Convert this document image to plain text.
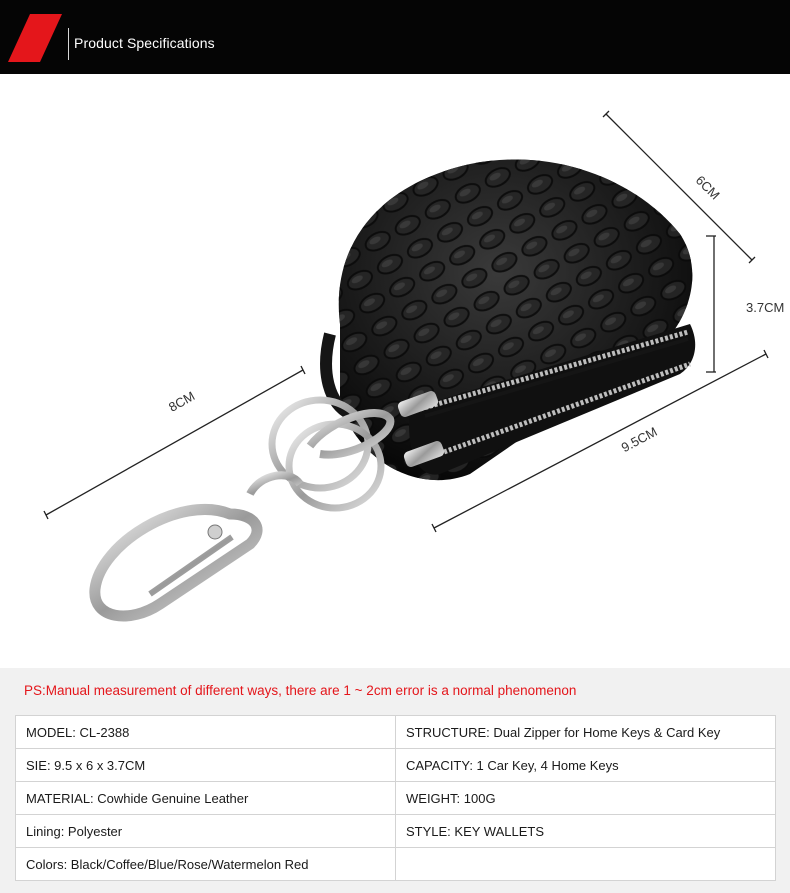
Product Specifications
6CM
3.7CM
9.5CM
8CM
PS:Manual measurement of different ways, there are 1 ~ 2cm error is a normal phenomenon
MODEL: CL-2388	STRUCTURE: Dual Zipper for Home Keys & Card Key
SIE: 9.5 x 6 x 3.7CM	CAPACITY: 1 Car Key, 4 Home Keys
MATERIAL: Cowhide Genuine Leather	WEIGHT: 100G
Lining: Polyester	STYLE: KEY WALLETS
Colors: Black/Coffee/Blue/Rose/Watermelon Red	
